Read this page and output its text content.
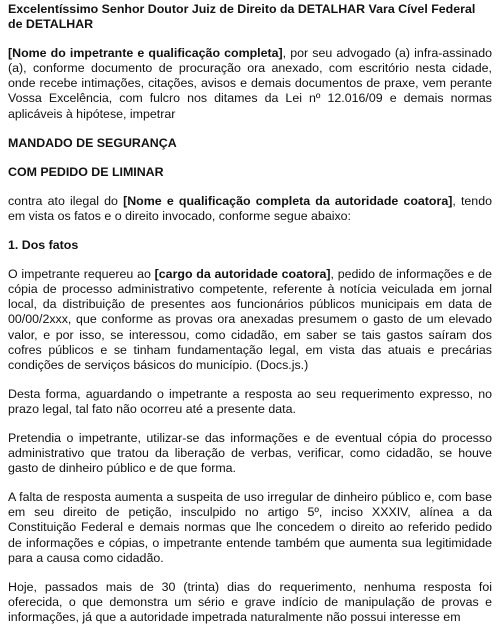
Excelentíssimo Senhor Doutor Juiz de Direito da DETALHAR Vara Cível Federal de DETALHAR

[Nome do impetrante e qualificação completa], por seu advogado (a) infra-assinado (a), conforme documento de procuração ora anexado, com escritório nesta cidade, onde recebe intimações, citações, avisos e demais documentos de praxe, vem perante Vossa Excelência, com fulcro nos ditames da Lei nº 12.016/09 e demais normas aplicáveis à hipótese, impetrar

MANDADO DE SEGURANÇA

COM PEDIDO DE LIMINAR

contra ato ilegal do [Nome e qualificação completa da autoridade coatora], tendo em vista os fatos e o direito invocado, conforme segue abaixo:

1. Dos fatos

O impetrante requereu ao [cargo da autoridade coatora], pedido de informações e de cópia de processo administrativo competente, referente à notícia veiculada em jornal local, da distribuição de presentes aos funcionários públicos municipais em data de 00/00/2xxx, que conforme as provas ora anexadas presumem o gasto de um elevado valor, e por isso, se interessou, como cidadão, em saber se tais gastos saíram dos cofres públicos e se tinham fundamentação legal, em vista das atuais e precárias condições de serviços básicos do município. (Docs.js.)

Desta forma, aguardando o impetrante a resposta ao seu requerimento expresso, no prazo legal, tal fato não ocorreu até a presente data.

Pretendia o impetrante, utilizar-se das informações e de eventual cópia do processo administrativo que tratou da liberação de verbas, verificar, como cidadão, se houve gasto de dinheiro público e de que forma.

A falta de resposta aumenta a suspeita de uso irregular de dinheiro público e, com base em seu direito de petição, insculpido no artigo 5º, inciso XXXIV, alínea a da Constituição Federal e demais normas que lhe concedem o direito ao referido pedido de informações e cópias, o impetrante entende também que aumenta sua legitimidade para a causa como cidadão.

Hoje, passados mais de 30 (trinta) dias do requerimento, nenhuma resposta foi oferecida, o que demonstra um sério e grave indício de manipulação de provas e informações, já que a autoridade impetrada naturalmente não possui interesse em
